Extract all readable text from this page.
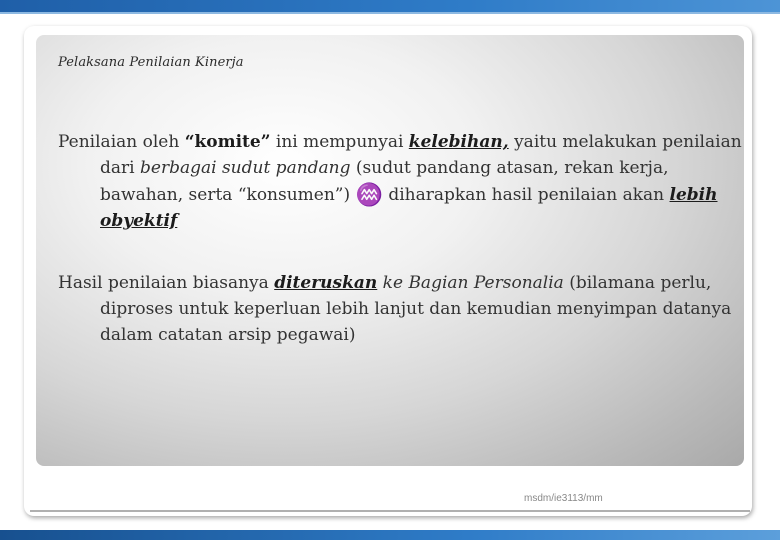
Pelaksana Penilaian Kinerja
Penilaian oleh “komite” ini mempunyai kelebihan, yaitu melakukan penilaian
dari berbagai sudut pandang (sudut pandang atasan, rekan kerja,
bawahan, serta “konsumen”) ♒ diharapkan hasil penilaian akan lebih
obyektif
Hasil penilaian biasanya diteruskan ke Bagian Personalia (bilamana perlu,
diproses untuk keperluan lebih lanjut dan kemudian menyimpan datanya
dalam catatan arsip pegawai)
msdm/ie3113/mm
